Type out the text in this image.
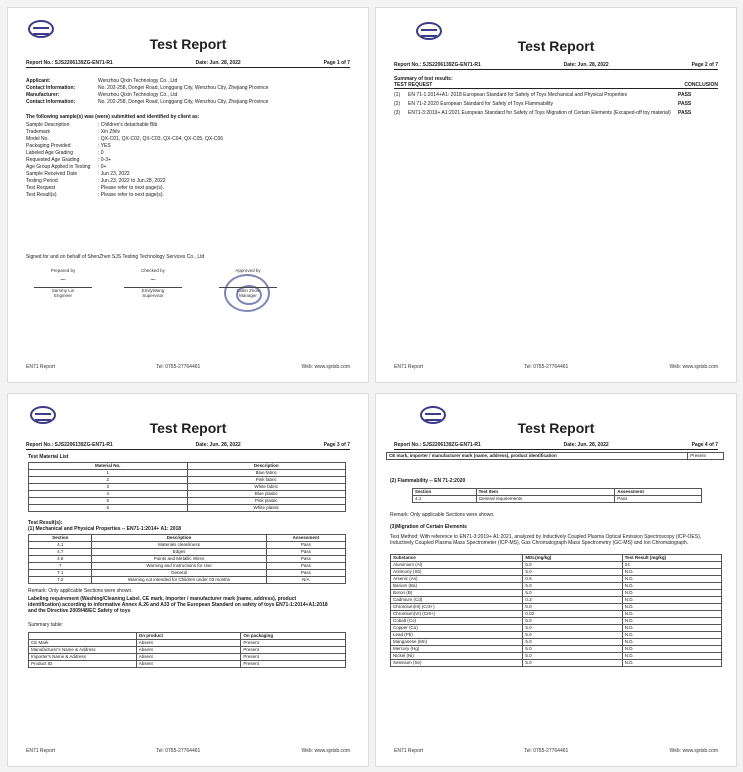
Test Report
Report No.: SJS2206139ZG-EN71-R1	Date: Jun. 28, 2022	Page 1 of 7
Applicant:	Wenzhou Qixin Technology Co., Ltd
Contact Information:	No. 202-258, Dongei Road, Longgang City, Wenzhou City, Zhejiang Province
Manufacturer:	Wenzhou Qixin Technology Co., Ltd
Contact Information:	No. 202-258, Dongei Road, Longgang City, Wenzhou City, Zhejiang Province
The following sample(s) was (were) submitted and identified by client as:
Sample Description	: Children's detachable Bib
Trademark	: Xin Zhilv
Model No.	: QX-C01, QX-C02, QX-C03, QX-C04, QX-C05, QX-C06
Packaging Provided	: YES
Labeled Age Grading	: 0
Requested Age Grading	: 0-3+
Age Group Applied in Testing	: 0+
Sample Received Date	: Jun 23, 2022
Testing Period	: Jun.23, 2022 to Jun.28, 2022
Test Request	: Please refer to next page(s).
Test Result(s)	: Please refer to next page(s).
Signed for and on behalf of ShenZhen SJS Testing Technology Services Co., Ltd
Prepared by
~
Sammy Lin
Engineer
Checked by
~
EmilyWang
Supervisor
Approved by
Collin Zhou
Manager
EN71 Report	Tel: 0755-27764461	Web: www.sjstsb.com
Test Report
Report No.: SJS2206139ZG-EN71-R1	Date: Jun. 28, 2022	Page 2 of 7
Summary of test results:
TEST REQUEST	CONCLUSION
(1)	EN 71-1:2014+A1: 2018 European Standard for Safety of Toys Mechanical and Physical Properties	PASS
(2)	EN 71-2:2020 European Standard for Safety of Toys Flammability	PASS
(3)	EN71-3:2019+ A1:2021 European Standard for Safety of Toys Migration of Certain Elements (Excaped-off toy material)	PASS
EN71 Report	Tel: 0755-27764461	Web: www.sjstsb.com
Test Report
Report No.: SJS2206139ZG-EN71-R1	Date: Jun. 28, 2022	Page 3 of 7
Test Material List
Material No.	Description
1	Blue fabric
2	Pink fabric
3	White fabric
4	Blue plastic
5	Pink plastic
6	White plastic
Test Result(s):
(1) Mechanical and Physical Properties -- EN71-1:2014+ A1: 2018
Section	Description	Assessment
4.1	Materials cleanliness	Pass
4.7	Edges	Pass
4.8	Points and Metallic Wires	Pass
7	Warning and Instructions for Use	Pass
7.1	General	Pass
7.2	Warning not intended for Children under 03 months	N/A
Remark: Only applicable Sections were shown.
Labeling requirement (Washing/Cleaning Label, CE mark, Importer / manufacturer mark (name, address), product identification) according to informative Annex A.26 and A33 of The European Standard on safety of toys EN71-1:2014+A1:2018 and the Directive 2009/48/EC Safety of toys
Summary table:
	On product	On packaging
CE Mark	Absent	Present
Manufacturer's Name & Address	Absent	Present
Importer's Name & Address	Absent	Present
Product ID	Absent	Present
EN71 Report	Tel: 0755-27764461	Web: www.sjstsb.com
Test Report
Report No.: SJS2206139ZG-EN71-R1	Date: Jun. 28, 2022	Page 4 of 7
CE mark, importer / manufacturer mark (name, address), product identification	Present
(2) Flammability -- EN 71-2:2020
Section	Test Item	Assessment
4.1	General requirements	Pass
Remark: Only applicable Sections were shown.
(3)Migration of Certain Elements
Test Method: With reference to EN71-3:2019+ A1:2021, analyzed by Inductively Coupled Plasma Optical Emission Spectroscopy (ICP-OES), Inductively Coupled Plasma Mass Spectrometer (ICP-MS), Gas Chromatograph Mass Spectrometry (GC-MS) and Ion Chromatograph.
Substance	MDL(mg/kg)	Test Result (mg/kg)
Aluminium (Al)	5.0	24
Antimony (Sb)	5.0	N.D.
Arsenic (As)	0.5	N.D.
Barium (Ba)	5.0	N.D.
Boron (B)	5.0	N.D.
Cadmium (Cd)	0.3	N.D.
Chromium(III) (Cr3+)	5.0	N.D.
Chromium(VI) (Cr6+)	0.02	N.D.
Cobalt (Co)	5.0	N.D.
Copper (Cu)	5.0	N.D.
Lead (Pb)	5.0	N.D.
Manganese (Mn)	5.0	N.D.
Mercury (Hg)	5.0	N.D.
Nickel (Ni)	5.0	N.D.
Selenium (Se)	5.0	N.D.
EN71 Report	Tel: 0755-27764461	Web: www.sjstsb.com
